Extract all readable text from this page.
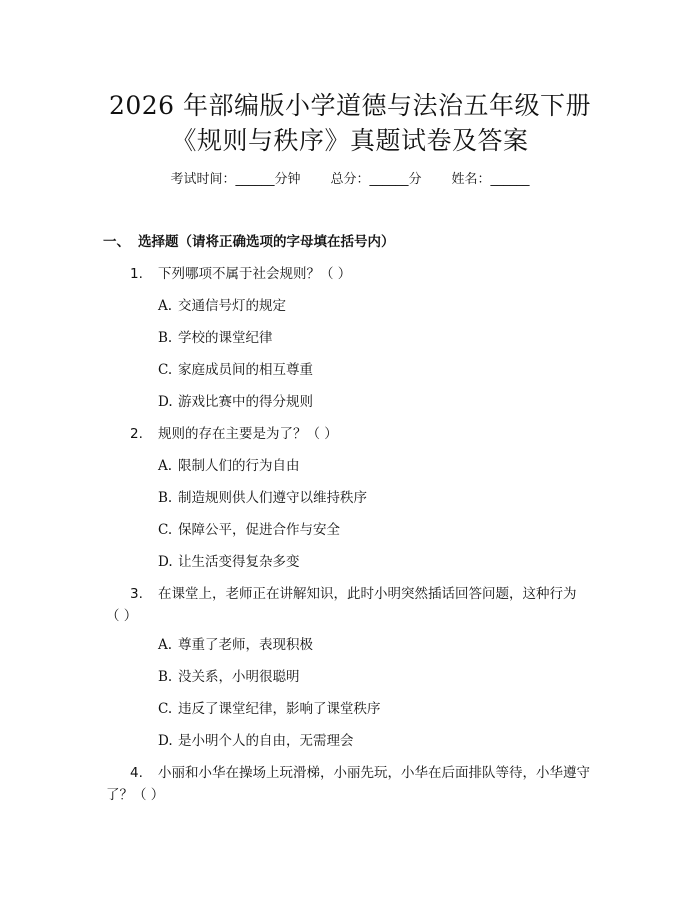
2026 年部编版小学道德与法治五年级下册
《规则与秩序》真题试卷及答案
考试时间：______分钟 总分：______分 姓名：______
一、 选择题（请将正确选项的字母填在括号内）
1. 下列哪项不属于社会规则？（ ）
A. 交通信号灯的规定
B. 学校的课堂纪律
C. 家庭成员间的相互尊重
D. 游戏比赛中的得分规则
2. 规则的存在主要是为了？（ ）
A. 限制人们的行为自由
B. 制造规则供人们遵守以维持秩序
C. 保障公平，促进合作与安全
D. 让生活变得复杂多变
3. 在课堂上，老师正在讲解知识，此时小明突然插话回答问题，这种行为
（ ）
A. 尊重了老师，表现积极
B. 没关系，小明很聪明
C. 违反了课堂纪律，影响了课堂秩序
D. 是小明个人的自由，无需理会
4. 小丽和小华在操场上玩滑梯，小丽先玩，小华在后面排队等待，小华遵守
了？（ ）
